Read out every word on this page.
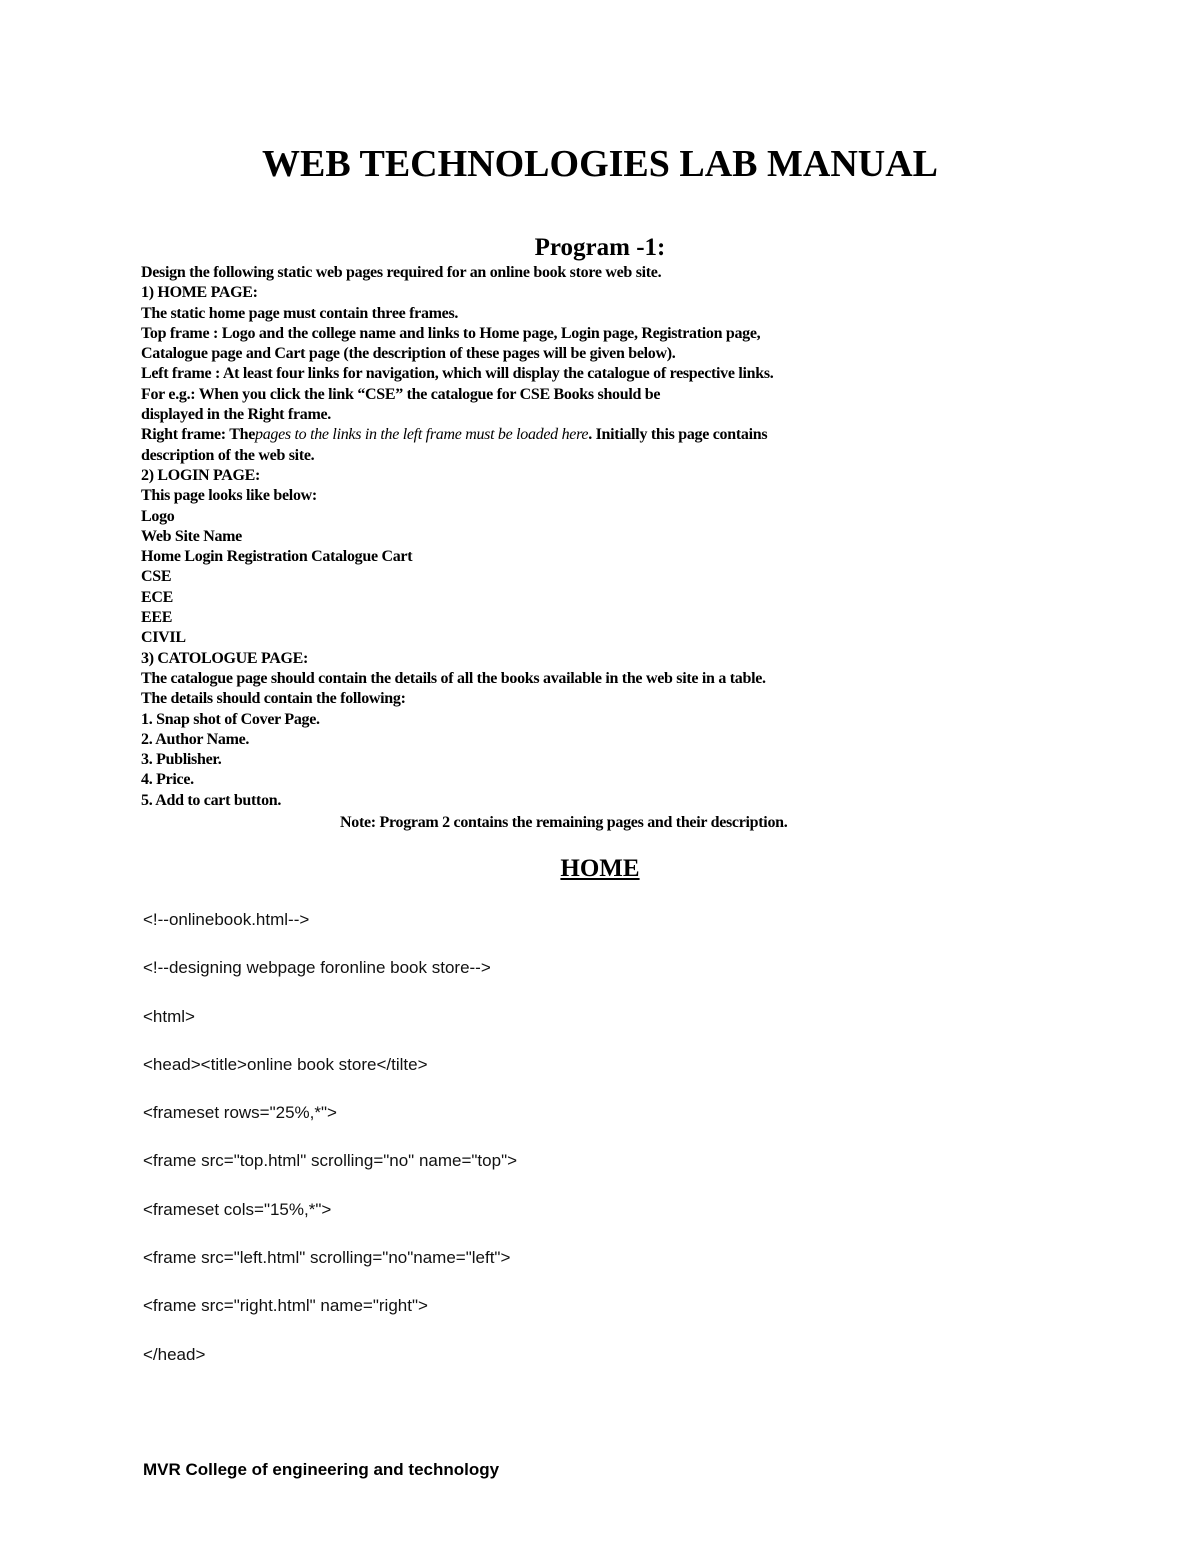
WEB TECHNOLOGIES LAB MANUAL
Program -1:
Design the following static web pages required for an online book store web site.
1) HOME PAGE:
The static home page must contain three frames.
Top frame : Logo and the college name and links to Home page, Login page, Registration page,
Catalogue page and Cart page (the description of these pages will be given below).
Left frame : At least four links for navigation, which will display the catalogue of respective links.
For e.g.: When you click the link “CSE” the catalogue for CSE Books should be
displayed in the Right frame.
Right frame: Thepages to the links in the left frame must be loaded here. Initially this page contains
description of the web site.
2) LOGIN PAGE:
This page looks like below:
Logo
Web Site Name
Home Login Registration Catalogue Cart
CSE
ECE
EEE
CIVIL
3) CATOLOGUE PAGE:
The catalogue page should contain the details of all the books available in the web site in a table.
The details should contain the following:
1. Snap shot of Cover Page.
2. Author Name.
3. Publisher.
4. Price.
5. Add to cart button.
Note: Program 2 contains the remaining pages and their description.
HOME
<!--onlinebook.html-->
<!--designing webpage foronline book store-->
<html>
<head><title>online book store</tilte>
<frameset rows="25%,*">
<frame src="top.html" scrolling="no" name="top">
<frameset cols="15%,*">
<frame src="left.html" scrolling="no"name="left">
<frame src="right.html" name="right">
</head>
MVR College of engineering and technology
